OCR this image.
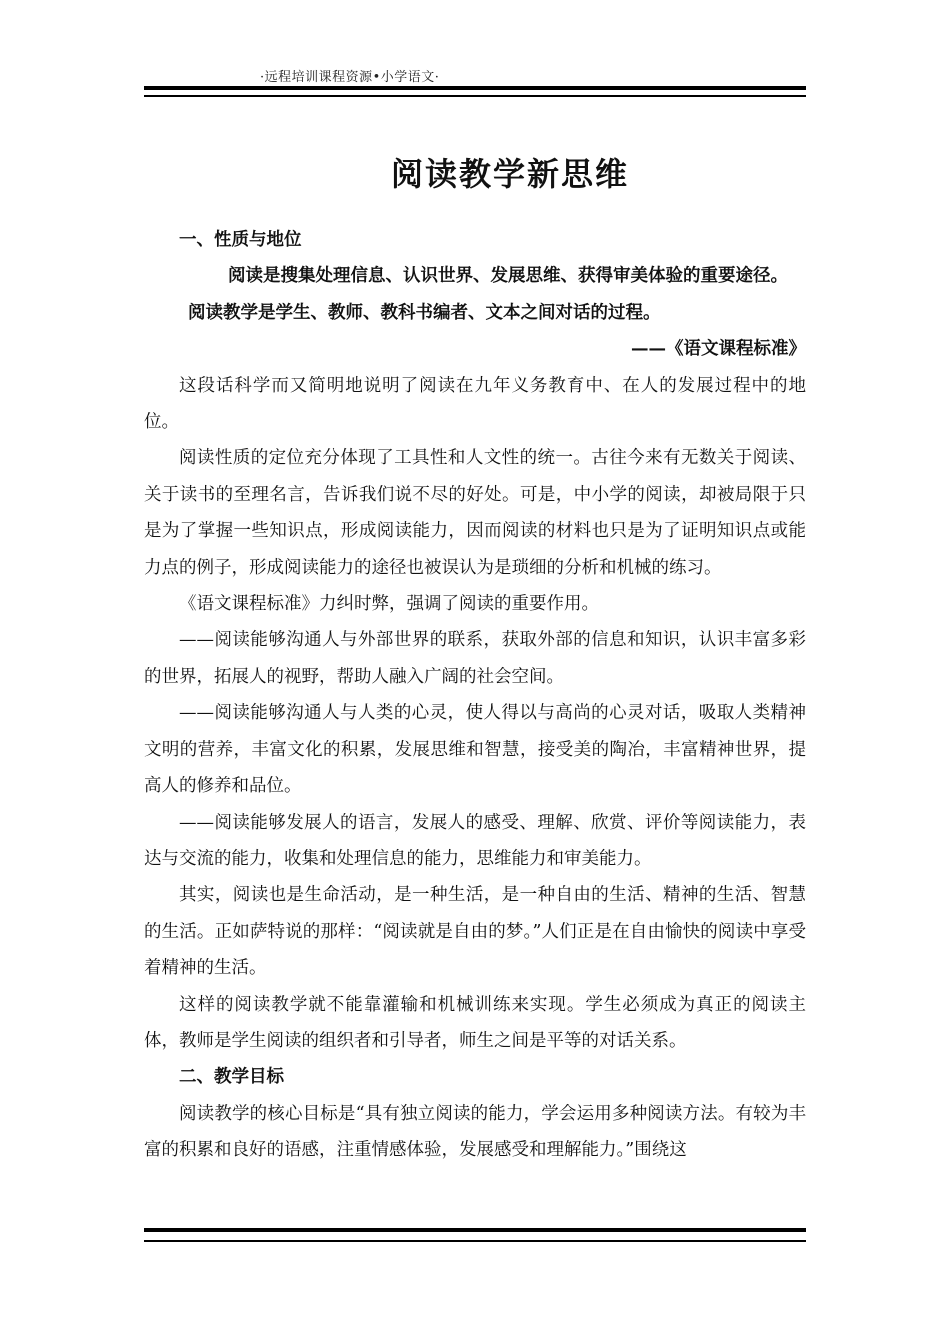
·远程培训课程资源•小学语文·
阅读教学新思维

一、性质与地位

阅读是搜集处理信息、认识世界、发展思维、获得审美体验的重要途径。

阅读教学是学生、教师、教科书编者、文本之间对话的过程。

——《语文课程标准》

这段话科学而又简明地说明了阅读在九年义务教育中、在人的发展过程中的地位。

阅读性质的定位充分体现了工具性和人文性的统一。古往今来有无数关于阅读、关于读书的至理名言，告诉我们说不尽的好处。可是，中小学的阅读，却被局限于只是为了掌握一些知识点，形成阅读能力，因而阅读的材料也只是为了证明知识点或能力点的例子，形成阅读能力的途径也被误认为是琐细的分析和机械的练习。

《语文课程标准》力纠时弊，强调了阅读的重要作用。

——阅读能够沟通人与外部世界的联系，获取外部的信息和知识，认识丰富多彩的世界，拓展人的视野，帮助人融入广阔的社会空间。

——阅读能够沟通人与人类的心灵，使人得以与高尚的心灵对话，吸取人类精神文明的营养，丰富文化的积累，发展思维和智慧，接受美的陶冶，丰富精神世界，提高人的修养和品位。

——阅读能够发展人的语言，发展人的感受、理解、欣赏、评价等阅读能力，表达与交流的能力，收集和处理信息的能力，思维能力和审美能力。

其实，阅读也是生命活动，是一种生活，是一种自由的生活、精神的生活、智慧的生活。正如萨特说的那样：“阅读就是自由的梦。”人们正是在自由愉快的阅读中享受着精神的生活。

这样的阅读教学就不能靠灌输和机械训练来实现。学生必须成为真正的阅读主体，教师是学生阅读的组织者和引导者，师生之间是平等的对话关系。

二、教学目标

阅读教学的核心目标是“具有独立阅读的能力，学会运用多种阅读方法。有较为丰富的积累和良好的语感，注重情感体验，发展感受和理解能力。”围绕这
